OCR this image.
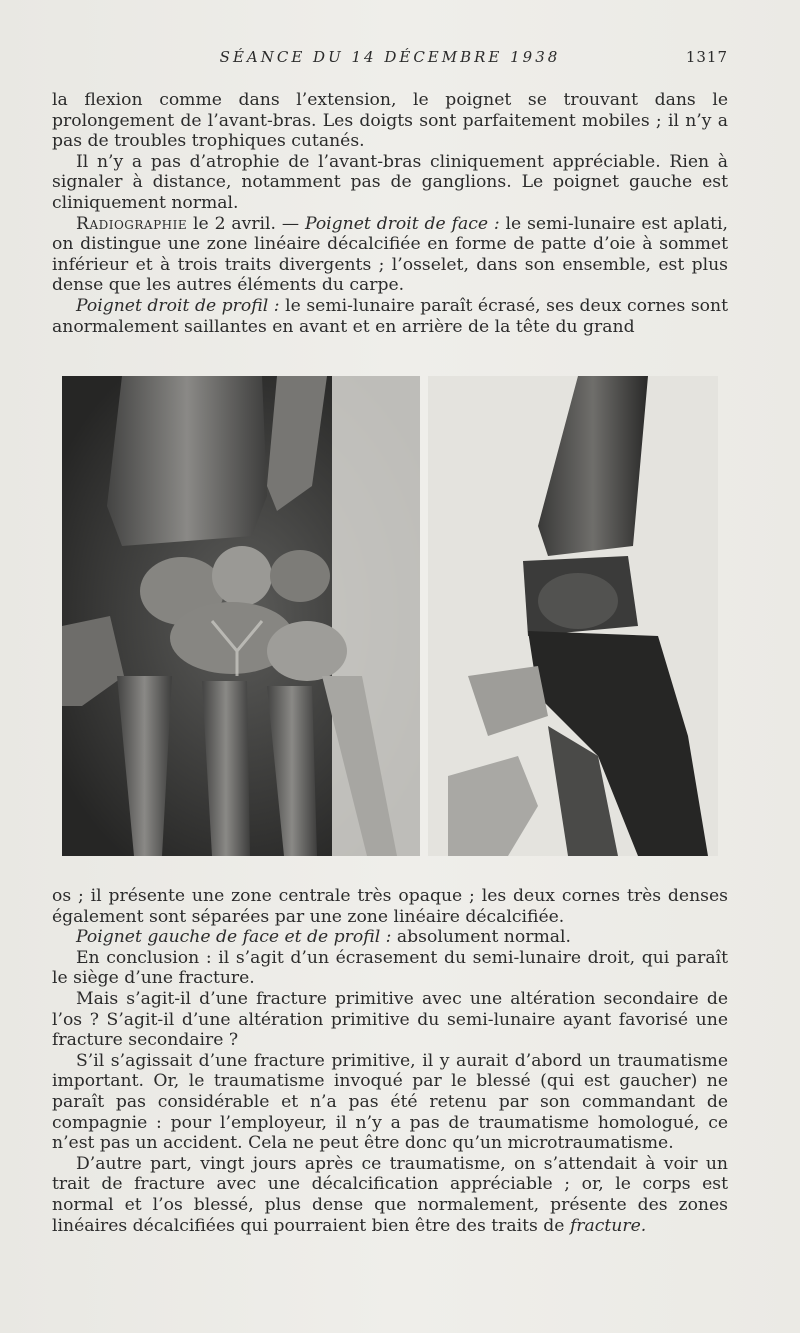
SÉANCE DU 14 DÉCEMBRE 1938	1317

la flexion comme dans l’extension, le poignet se trouvant dans le prolongement de l’avant-bras. Les doigts sont parfaitement mobiles ; il n’y a pas de troubles trophiques cutanés.

Il n’y a pas d’atrophie de l’avant-bras cliniquement appréciable. Rien à signaler à distance, notamment pas de ganglions. Le poignet gauche est cliniquement normal.

Radiographie le 2 avril. — Poignet droit de face : le semi-lunaire est aplati, on distingue une zone linéaire décalcifiée en forme de patte d’oie à sommet inférieur et à trois traits divergents ; l’osselet, dans son ensemble, est plus dense que les autres éléments du carpe.

Poignet droit de profil : le semi-lunaire paraît écrasé, ses deux cornes sont anormalement saillantes en avant et en arrière de la tête du grand

os ; il présente une zone centrale très opaque ; les deux cornes très denses également sont séparées par une zone linéaire décalcifiée.

Poignet gauche de face et de profil : absolument normal.

En conclusion : il s’agit d’un écrasement du semi-lunaire droit, qui paraît le siège d’une fracture.

Mais s’agit-il d’une fracture primitive avec une altération secondaire de l’os ? S’agit-il d’une altération primitive du semi-lunaire ayant favorisé une fracture secondaire ?

S’il s’agissait d’une fracture primitive, il y aurait d’abord un traumatisme important. Or, le traumatisme invoqué par le blessé (qui est gaucher) ne paraît pas considérable et n’a pas été retenu par son commandant de compagnie : pour l’employeur, il n’y a pas de traumatisme homologué, ce n’est pas un accident. Cela ne peut être donc qu’un microtraumatisme.

D’autre part, vingt jours après ce traumatisme, on s’attendait à voir un trait de fracture avec une décalcification appréciable ; or, le corps est normal et l’os blessé, plus dense que normalement, présente des zones linéaires décalcifiées qui pourraient bien être des traits de fracture.
